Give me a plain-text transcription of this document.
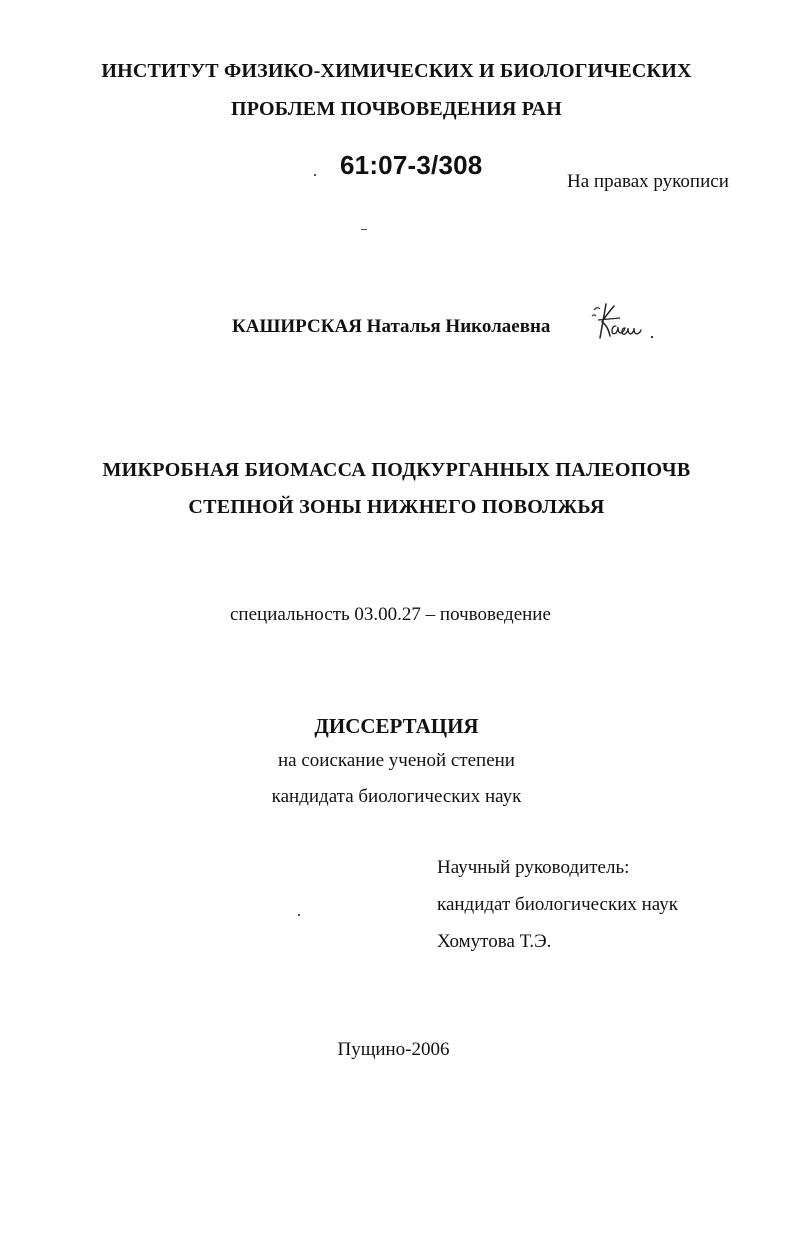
ИНСТИТУТ ФИЗИКО-ХИМИЧЕСКИХ И БИОЛОГИЧЕСКИХ
ПРОБЛЕМ ПОЧВОВЕДЕНИЯ РАН
61:07-3/308
На правах рукописи
КАШИРСКАЯ Наталья Николаевна
МИКРОБНАЯ БИОМАССА ПОДКУРГАННЫХ ПАЛЕОПОЧВ
СТЕПНОЙ ЗОНЫ НИЖНЕГО ПОВОЛЖЬЯ
специальность 03.00.27 – почвоведение
ДИССЕРТАЦИЯ
на соискание ученой степени
кандидата биологических наук
Научный руководитель:
кандидат биологических наук
Хомутова Т.Э.
Пущино-2006
